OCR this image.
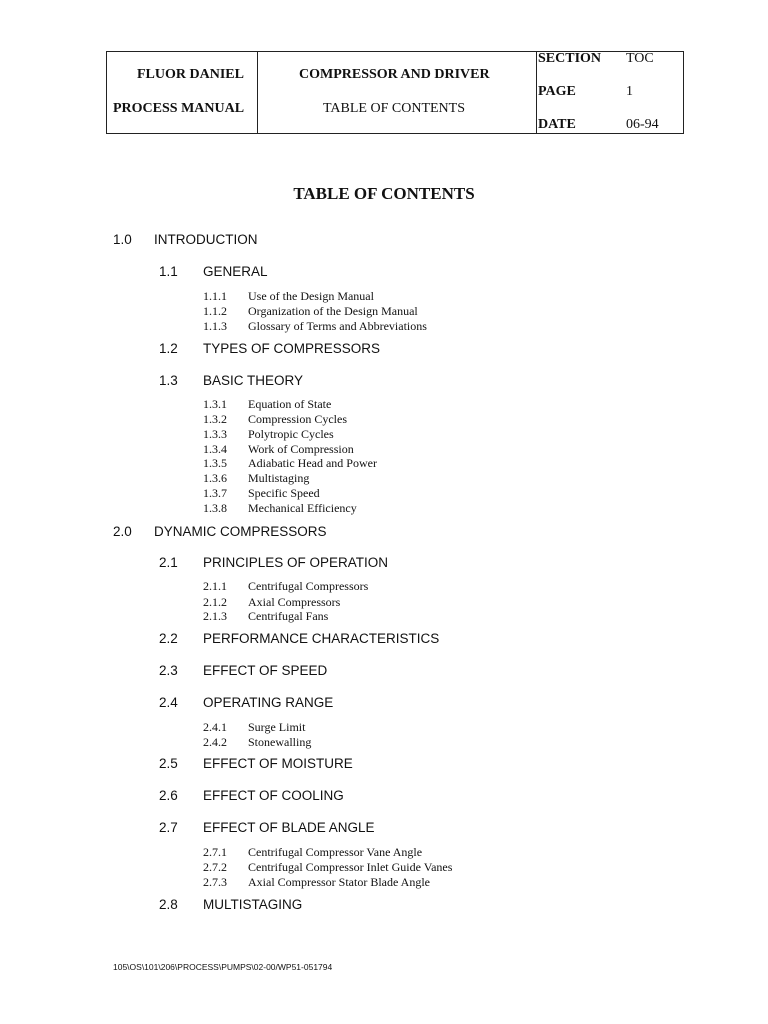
FLUOR DANIEL
PROCESS MANUAL
COMPRESSOR AND DRIVER
TABLE OF CONTENTS
SECTION TOC
PAGE	1
DATE	06-94
TABLE OF CONTENTS
1.0 INTRODUCTION
1.1 GENERAL
1.1.1 Use of the Design Manual
1.1.2 Organization of the Design Manual
1.1.3 Glossary of Terms and Abbreviations
1.2 TYPES OF COMPRESSORS
1.3 BASIC THEORY
1.3.1 Equation of State
1.3.2 Compression Cycles
1.3.3 Polytropic Cycles
1.3.4 Work of Compression
1.3.5 Adiabatic Head and Power
1.3.6 Multistaging
1.3.7 Specific Speed
1.3.8 Mechanical Efficiency
2.0 DYNAMIC COMPRESSORS
2.1 PRINCIPLES OF OPERATION
2.1.1 Centrifugal Compressors
2.1.2 Axial Compressors
2.1.3 Centrifugal Fans
2.2 PERFORMANCE CHARACTERISTICS
2.3 EFFECT OF SPEED
2.4 OPERATING RANGE
2.4.1 Surge Limit
2.4.2 Stonewalling
2.5 EFFECT OF MOISTURE
2.6 EFFECT OF COOLING
2.7 EFFECT OF BLADE ANGLE
2.7.1 Centrifugal Compressor Vane Angle
2.7.2 Centrifugal Compressor Inlet Guide Vanes
2.7.3 Axial Compressor Stator Blade Angle
2.8 MULTISTAGING
105\OS\101\206\PROCESS\PUMPS\02-00/WP51-051794
